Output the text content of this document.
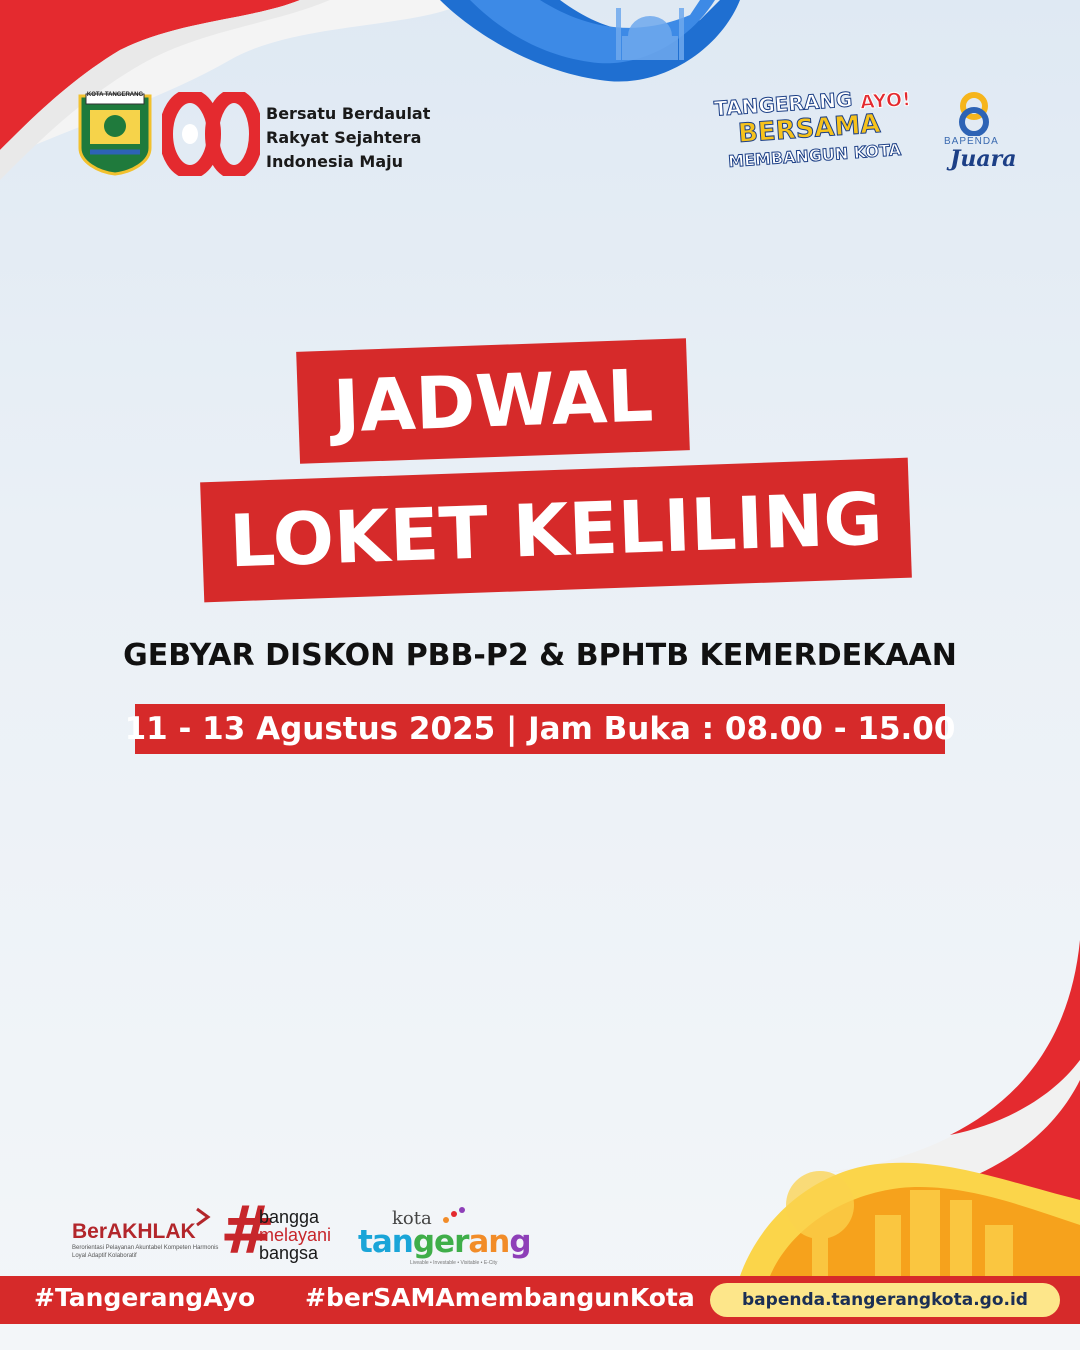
KOTA TANGERANG
Bersatu Berdaulat
Rakyat Sejahtera
Indonesia Maju
TANGERANG AYO!
BERSAMA
MEMBANGUN KOTA	BAPENDA
Juara
JADWAL
LOKET KELILING
GEBYAR DISKON PBB-P2 & BPHTB KEMERDEKAAN
11 - 13 Agustus 2025 | Jam Buka : 08.00 - 15.00
BerAKHLAK
Berorientasi Pelayanan Akuntabel Kompeten Harmonis Loyal Adaptif Kolaboratif	#
bangga
melayani
bangsa
kota
tangerang
Liveable • Investable • Visitable • E-City
#TangerangAyo #berSAMAmembangunKota	bapenda.tangerangkota.go.id
